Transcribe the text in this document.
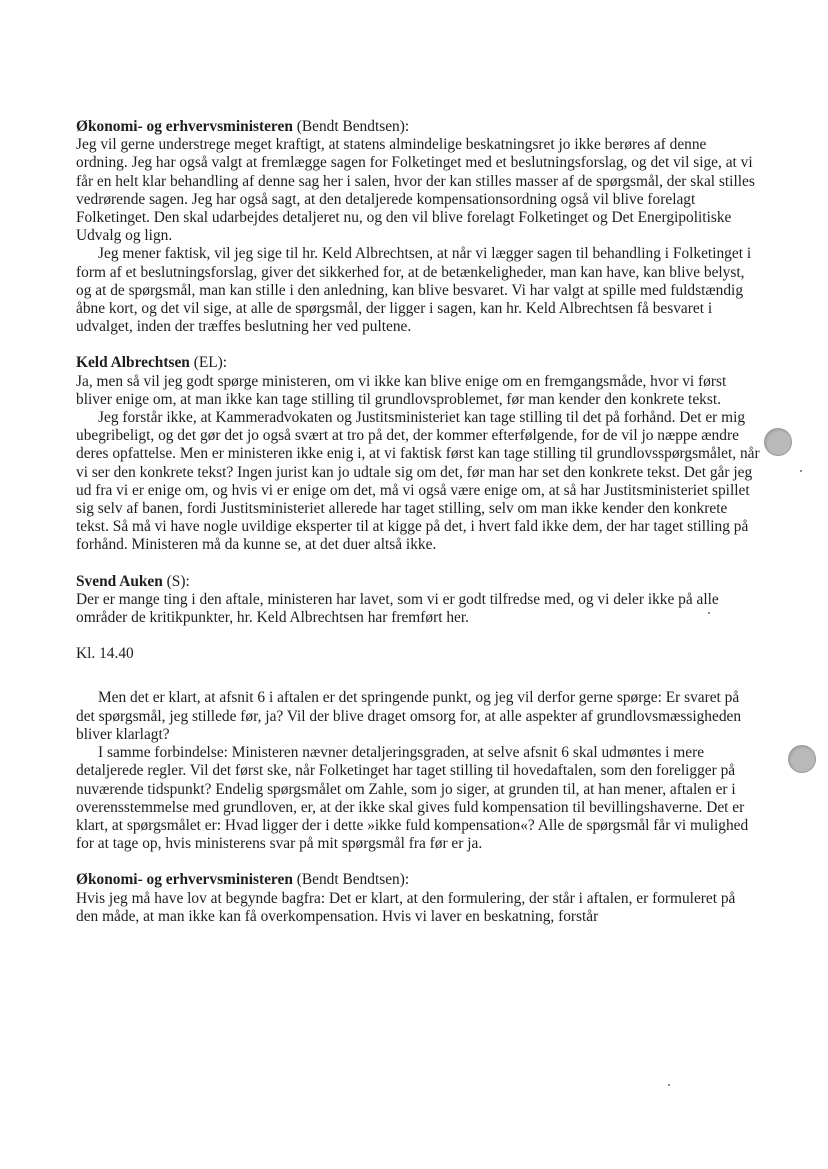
Økonomi- og erhvervsministeren (Bendt Bendtsen):

Jeg vil gerne understrege meget kraftigt, at statens almindelige beskatningsret jo ikke berøres af denne ordning. Jeg har også valgt at fremlægge sagen for Folketinget med et beslutningsforslag, og det vil sige, at vi får en helt klar behandling af denne sag her i salen, hvor der kan stilles masser af de spørgsmål, der skal stilles vedrørende sagen. Jeg har også sagt, at den detaljerede kompensationsordning også vil blive forelagt Folketinget. Den skal udarbejdes detaljeret nu, og den vil blive forelagt Folketinget og Det Energipolitiske Udvalg og lign.

Jeg mener faktisk, vil jeg sige til hr. Keld Albrechtsen, at når vi lægger sagen til behandling i Folketinget i form af et beslutningsforslag, giver det sikkerhed for, at de betænkeligheder, man kan have, kan blive belyst, og at de spørgsmål, man kan stille i den anledning, kan blive besvaret. Vi har valgt at spille med fuldstændig åbne kort, og det vil sige, at alle de spørgsmål, der ligger i sagen, kan hr. Keld Albrechtsen få besvaret i udvalget, inden der træffes beslutning her ved pultene.

Keld Albrechtsen (EL):

Ja, men så vil jeg godt spørge ministeren, om vi ikke kan blive enige om en fremgangsmåde, hvor vi først bliver enige om, at man ikke kan tage stilling til grundlovsproblemet, før man kender den konkrete tekst.

Jeg forstår ikke, at Kammeradvokaten og Justitsministeriet kan tage stilling til det på forhånd. Det er mig ubegribeligt, og det gør det jo også svært at tro på det, der kommer efterfølgende, for de vil jo næppe ændre deres opfattelse. Men er ministeren ikke enig i, at vi faktisk først kan tage stilling til grundlovsspørgsmålet, når vi ser den konkrete tekst? Ingen jurist kan jo udtale sig om det, før man har set den konkrete tekst. Det går jeg ud fra vi er enige om, og hvis vi er enige om det, må vi også være enige om, at så har Justitsministeriet spillet sig selv af banen, fordi Justitsministeriet allerede har taget stilling, selv om man ikke kender den konkrete tekst. Så må vi have nogle uvildige eksperter til at kigge på det, i hvert fald ikke dem, der har taget stilling på forhånd. Ministeren må da kunne se, at det duer altså ikke.

Svend Auken (S):

Der er mange ting i den aftale, ministeren har lavet, som vi er godt tilfredse med, og vi deler ikke på alle områder de kritikpunkter, hr. Keld Albrechtsen har fremført her.

Kl. 14.40

Men det er klart, at afsnit 6 i aftalen er det springende punkt, og jeg vil derfor gerne spørge: Er svaret på det spørgsmål, jeg stillede før, ja? Vil der blive draget omsorg for, at alle aspekter af grundlovsmæssigheden bliver klarlagt?

I samme forbindelse: Ministeren nævner detaljeringsgraden, at selve afsnit 6 skal udmøntes i mere detaljerede regler. Vil det først ske, når Folketinget har taget stilling til hovedaftalen, som den foreligger på nuværende tidspunkt? Endelig spørgsmålet om Zahle, som jo siger, at grunden til, at han mener, aftalen er i overensstemmelse med grundloven, er, at der ikke skal gives fuld kompensation til bevillingshaverne. Det er klart, at spørgsmålet er: Hvad ligger der i dette »ikke fuld kompensation«? Alle de spørgsmål får vi mulighed for at tage op, hvis ministerens svar på mit spørgsmål fra før er ja.

Økonomi- og erhvervsministeren (Bendt Bendtsen):

Hvis jeg må have lov at begynde bagfra: Det er klart, at den formulering, der står i aftalen, er formuleret på den måde, at man ikke kan få overkompensation. Hvis vi laver en beskatning, forstår
